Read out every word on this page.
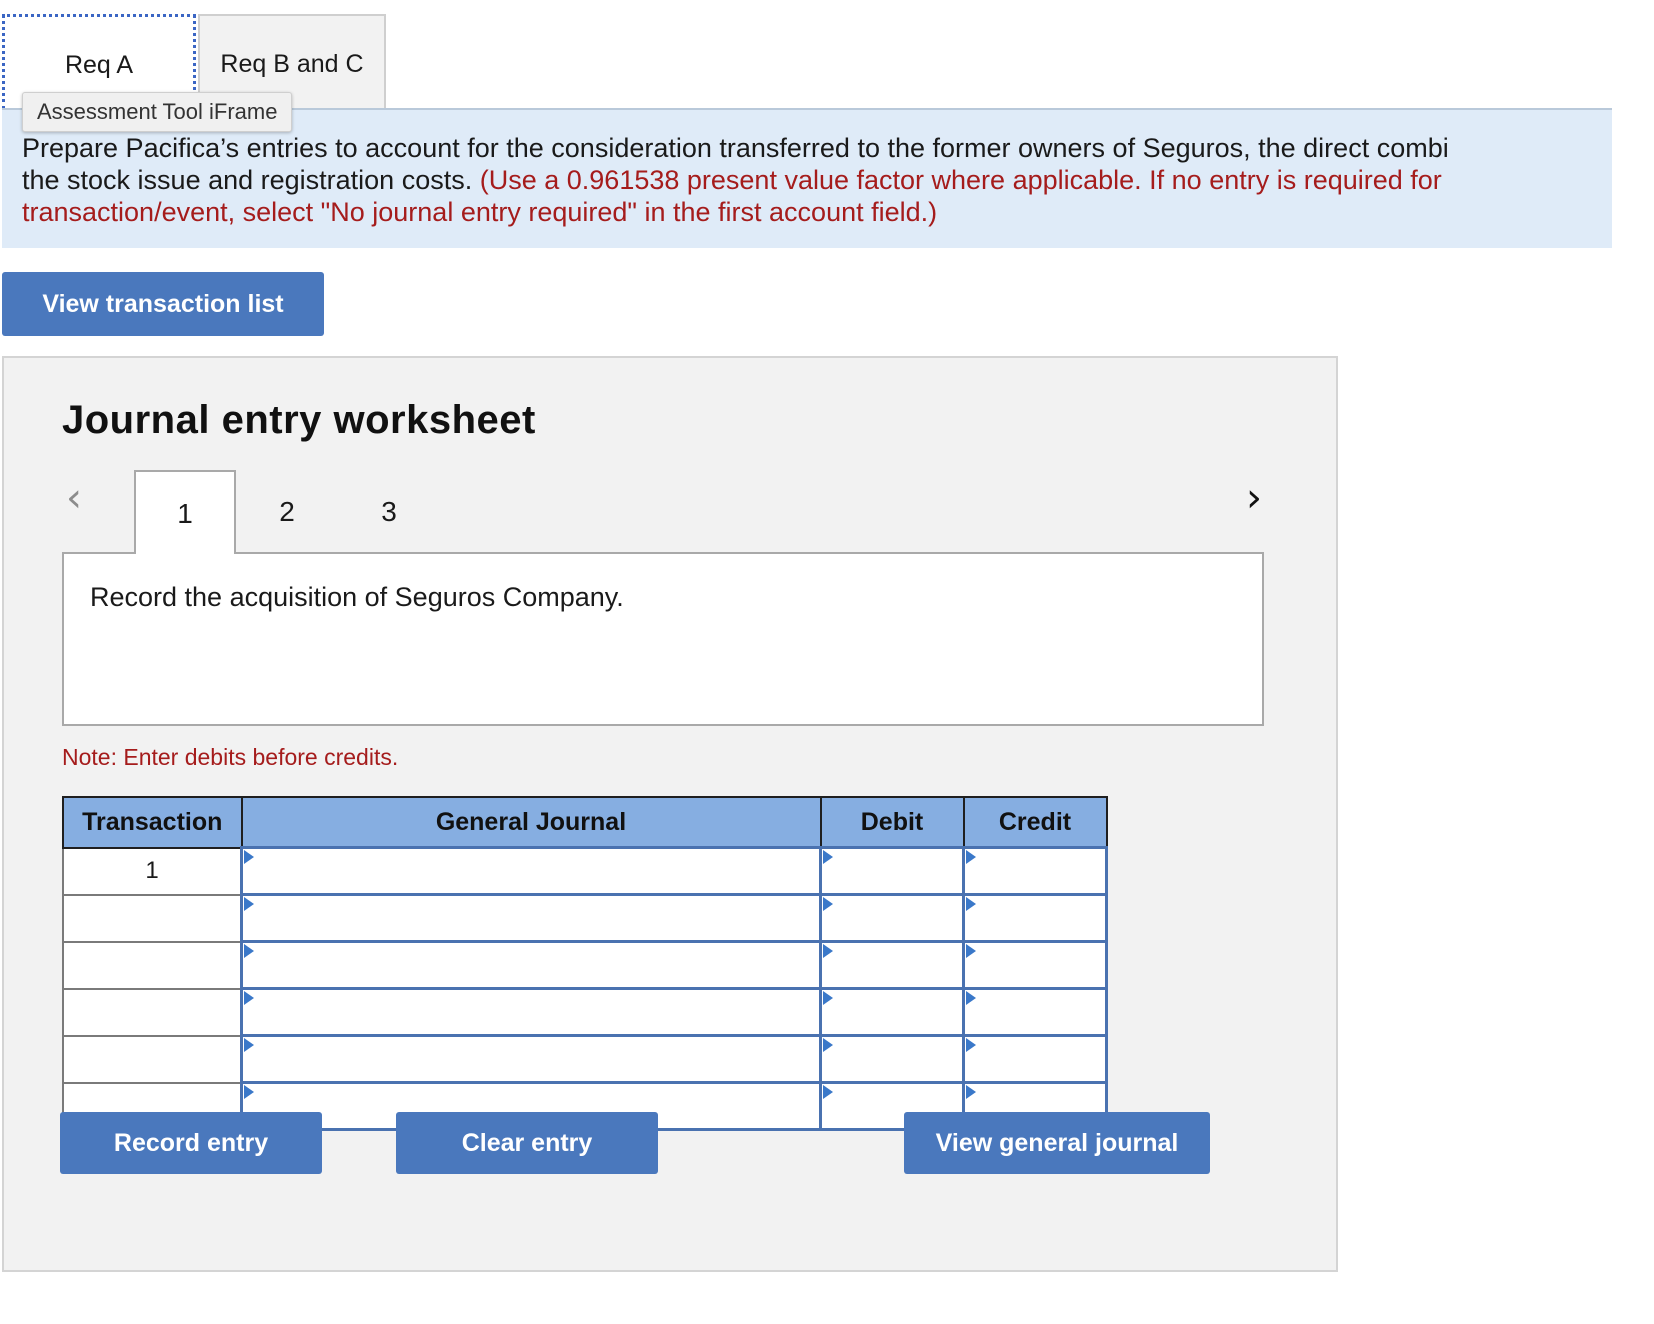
Req A	Req B and C
Assessment Tool iFrame
Prepare Pacifica’s entries to account for the consideration transferred to the former owners of Seguros, the direct combi
the stock issue and registration costs. (Use a 0.961538 present value factor where applicable. If no entry is required for
transaction/event, select "No journal entry required" in the first account field.)
View transaction list
Journal entry worksheet
‹	1	2	3	›
Record the acquisition of Seguros Company.
Note: Enter debits before credits.
Transaction	General Journal	Debit	Credit
1	

Record entry	Clear entry	View general journal
